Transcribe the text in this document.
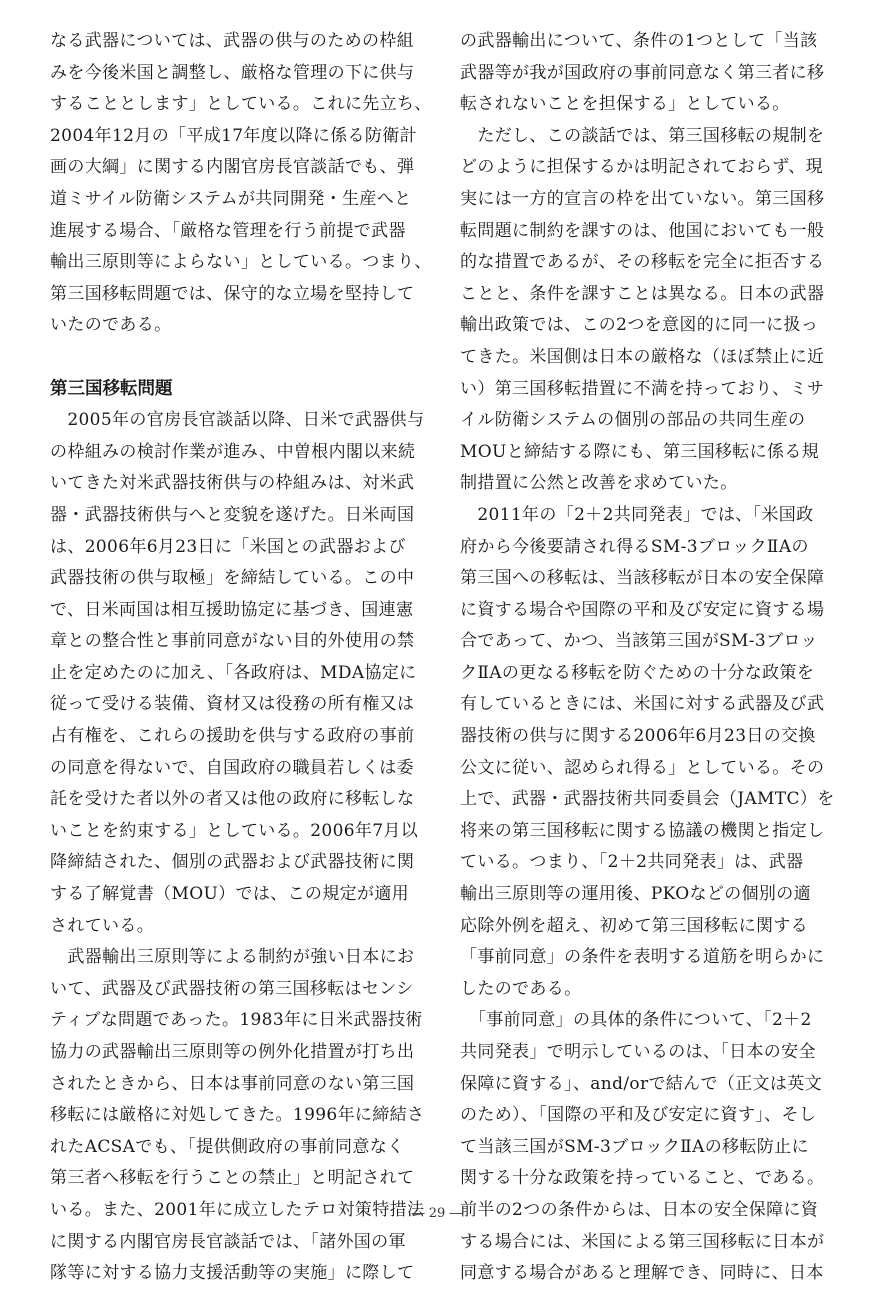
なる武器については、武器の供与のための枠組
みを今後米国と調整し、厳格な管理の下に供与
することとします」としている。これに先立ち、
2004年12月の「平成17年度以降に係る防衛計
画の大綱」に関する内閣官房長官談話でも、弾
道ミサイル防衛システムが共同開発・生産へと
進展する場合、「厳格な管理を行う前提で武器
輸出三原則等によらない」としている。つまり、
第三国移転問題では、保守的な立場を堅持して
いたのである。
第三国移転問題
　2005年の官房長官談話以降、日米で武器供与
の枠組みの検討作業が進み、中曽根内閣以来続
いてきた対米武器技術供与の枠組みは、対米武
器・武器技術供与へと変貌を遂げた。日米両国
は、2006年6月23日に「米国との武器および
武器技術の供与取極」を締結している。この中
で、日米両国は相互援助協定に基づき、国連憲
章との整合性と事前同意がない目的外使用の禁
止を定めたのに加え、「各政府は、MDA協定に
従って受ける装備、資材又は役務の所有権又は
占有権を、これらの援助を供与する政府の事前
の同意を得ないで、自国政府の職員若しくは委
託を受けた者以外の者又は他の政府に移転しな
いことを約束する」としている。2006年7月以
降締結された、個別の武器および武器技術に関
する了解覚書（MOU）では、この規定が適用
されている。
　武器輸出三原則等による制約が強い日本にお
いて、武器及び武器技術の第三国移転はセンシ
ティブな問題であった。1983年に日米武器技術
協力の武器輸出三原則等の例外化措置が打ち出
されたときから、日本は事前同意のない第三国
移転には厳格に対処してきた。1996年に締結さ
れたACSAでも、「提供側政府の事前同意なく
第三者へ移転を行うことの禁止」と明記されて
いる。また、2001年に成立したテロ対策特措法
に関する内閣官房長官談話では、「諸外国の軍
隊等に対する協力支援活動等の実施」に際して
の武器輸出について、条件の1つとして「当該
武器等が我が国政府の事前同意なく第三者に移
転されないことを担保する」としている。
　ただし、この談話では、第三国移転の規制を
どのように担保するかは明記されておらず、現
実には一方的宣言の枠を出ていない。第三国移
転問題に制約を課すのは、他国においても一般
的な措置であるが、その移転を完全に拒否する
ことと、条件を課すことは異なる。日本の武器
輸出政策では、この2つを意図的に同一に扱っ
てきた。米国側は日本の厳格な（ほぼ禁止に近
い）第三国移転措置に不満を持っており、ミサ
イル防衛システムの個別の部品の共同生産の
MOUと締結する際にも、第三国移転に係る規
制措置に公然と改善を求めていた。
　2011年の「2＋2共同発表」では、「米国政
府から今後要請され得るSM-3ブロックⅡAの
第三国への移転は、当該移転が日本の安全保障
に資する場合や国際の平和及び安定に資する場
合であって、かつ、当該第三国がSM-3ブロッ
クⅡAの更なる移転を防ぐための十分な政策を
有しているときには、米国に対する武器及び武
器技術の供与に関する2006年6月23日の交換
公文に従い、認められ得る」としている。その
上で、武器・武器技術共同委員会（JAMTC）を
将来の第三国移転に関する協議の機関と指定し
ている。つまり、「2＋2共同発表」は、武器
輸出三原則等の運用後、PKOなどの個別の適
応除外例を超え、初めて第三国移転に関する
「事前同意」の条件を表明する道筋を明らかに
したのである。
　「事前同意」の具体的条件について、「2＋2
共同発表」で明示しているのは、「日本の安全
保障に資する」、and/orで結んで（正文は英文
のため）、「国際の平和及び安定に資す」、そし
て当該三国がSM-3ブロックⅡAの移転防止に
関する十分な政策を持っていること、である。
前半の2つの条件からは、日本の安全保障に資
する場合には、米国による第三国移転に日本が
同意する場合があると理解でき、同時に、日本
― 29 ―
